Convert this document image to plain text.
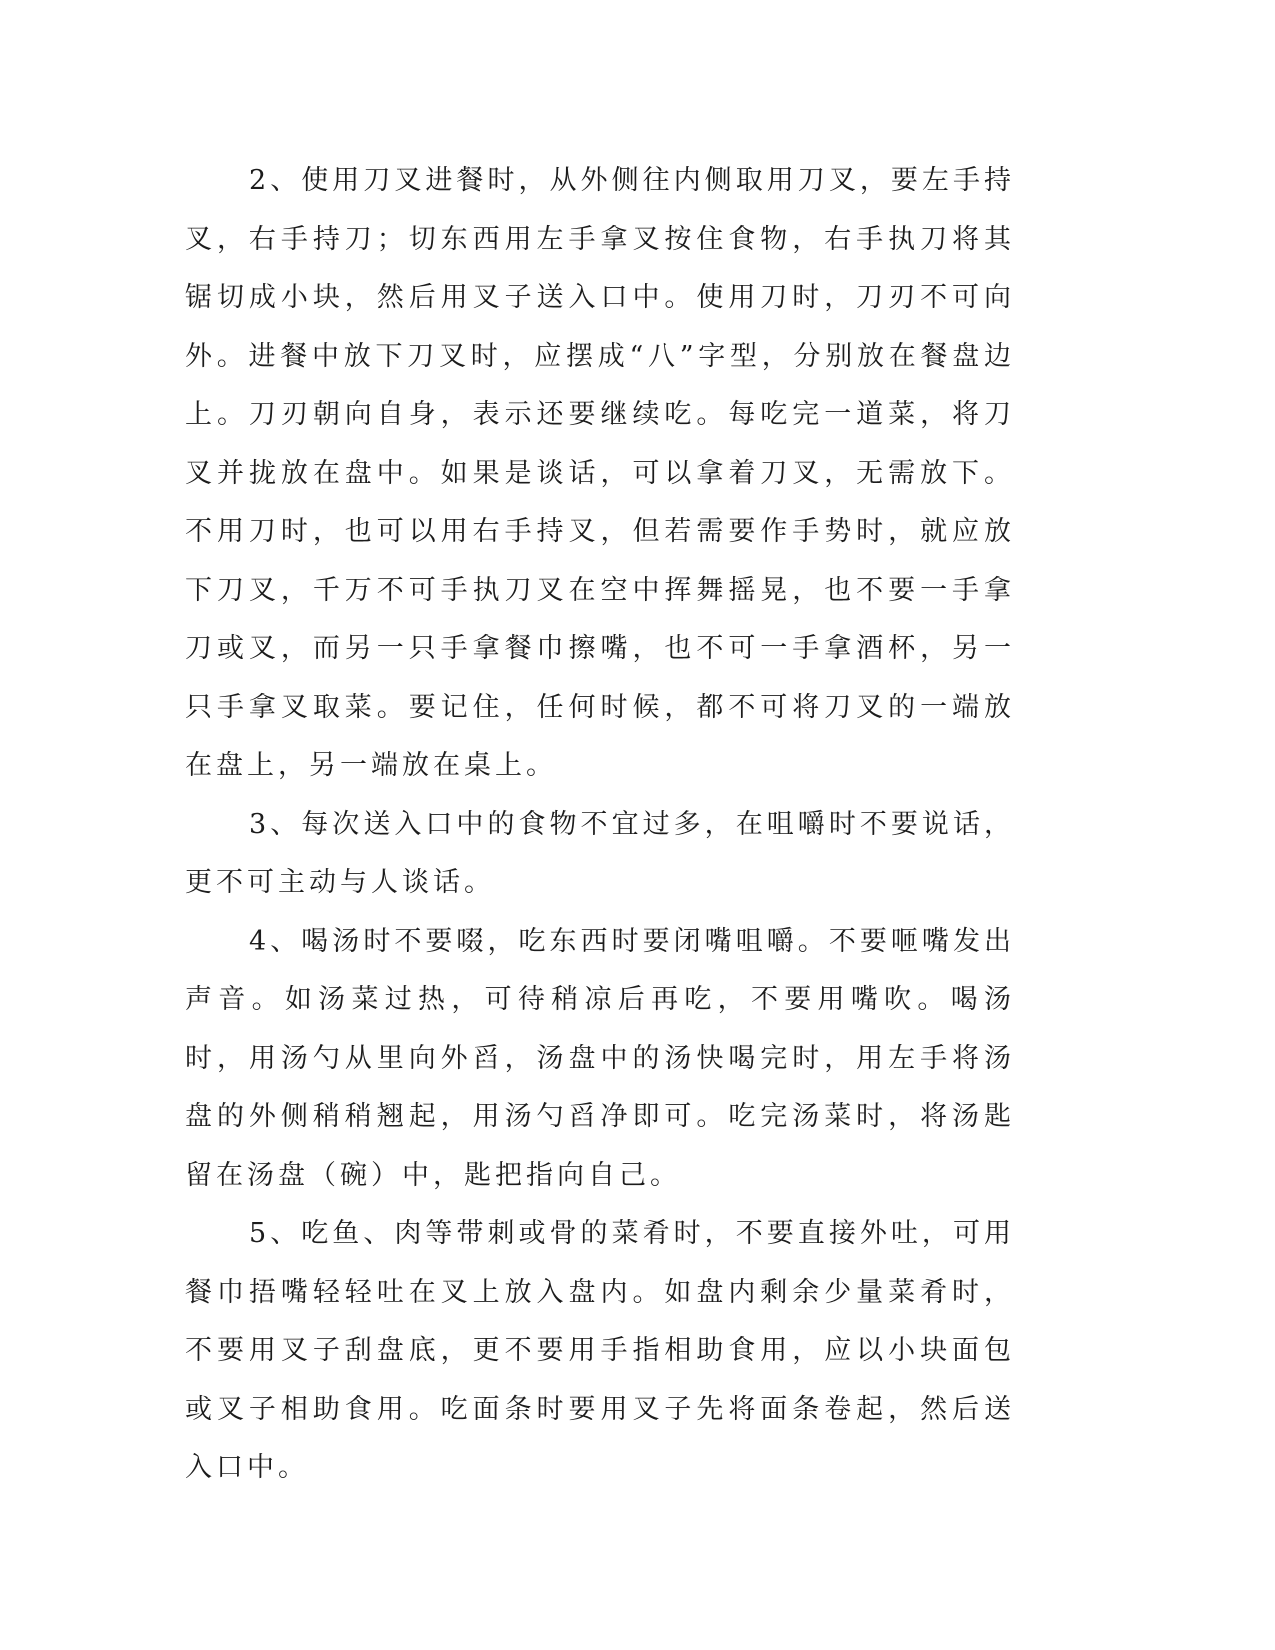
2、使用刀叉进餐时，从外侧往内侧取用刀叉，要左手持叉，右手持刀；切东西用左手拿叉按住食物，右手执刀将其锯切成小块，然后用叉子送入口中。使用刀时，刀刃不可向外。进餐中放下刀叉时，应摆成“八”字型，分别放在餐盘边上。刀刃朝向自身，表示还要继续吃。每吃完一道菜，将刀叉并拢放在盘中。如果是谈话，可以拿着刀叉，无需放下。不用刀时，也可以用右手持叉，但若需要作手势时，就应放下刀叉，千万不可手执刀叉在空中挥舞摇晃，也不要一手拿刀或叉，而另一只手拿餐巾擦嘴，也不可一手拿酒杯，另一只手拿叉取菜。要记住，任何时候，都不可将刀叉的一端放在盘上，另一端放在桌上。

3、每次送入口中的食物不宜过多，在咀嚼时不要说话，更不可主动与人谈话。

4、喝汤时不要啜，吃东西时要闭嘴咀嚼。不要咂嘴发出声音。如汤菜过热，可待稍凉后再吃，不要用嘴吹。喝汤时，用汤勺从里向外舀，汤盘中的汤快喝完时，用左手将汤盘的外侧稍稍翘起，用汤勺舀净即可。吃完汤菜时，将汤匙留在汤盘（碗）中，匙把指向自己。

5、吃鱼、肉等带刺或骨的菜肴时，不要直接外吐，可用餐巾捂嘴轻轻吐在叉上放入盘内。如盘内剩余少量菜肴时，不要用叉子刮盘底，更不要用手指相助食用，应以小块面包或叉子相助食用。吃面条时要用叉子先将面条卷起，然后送入口中。
